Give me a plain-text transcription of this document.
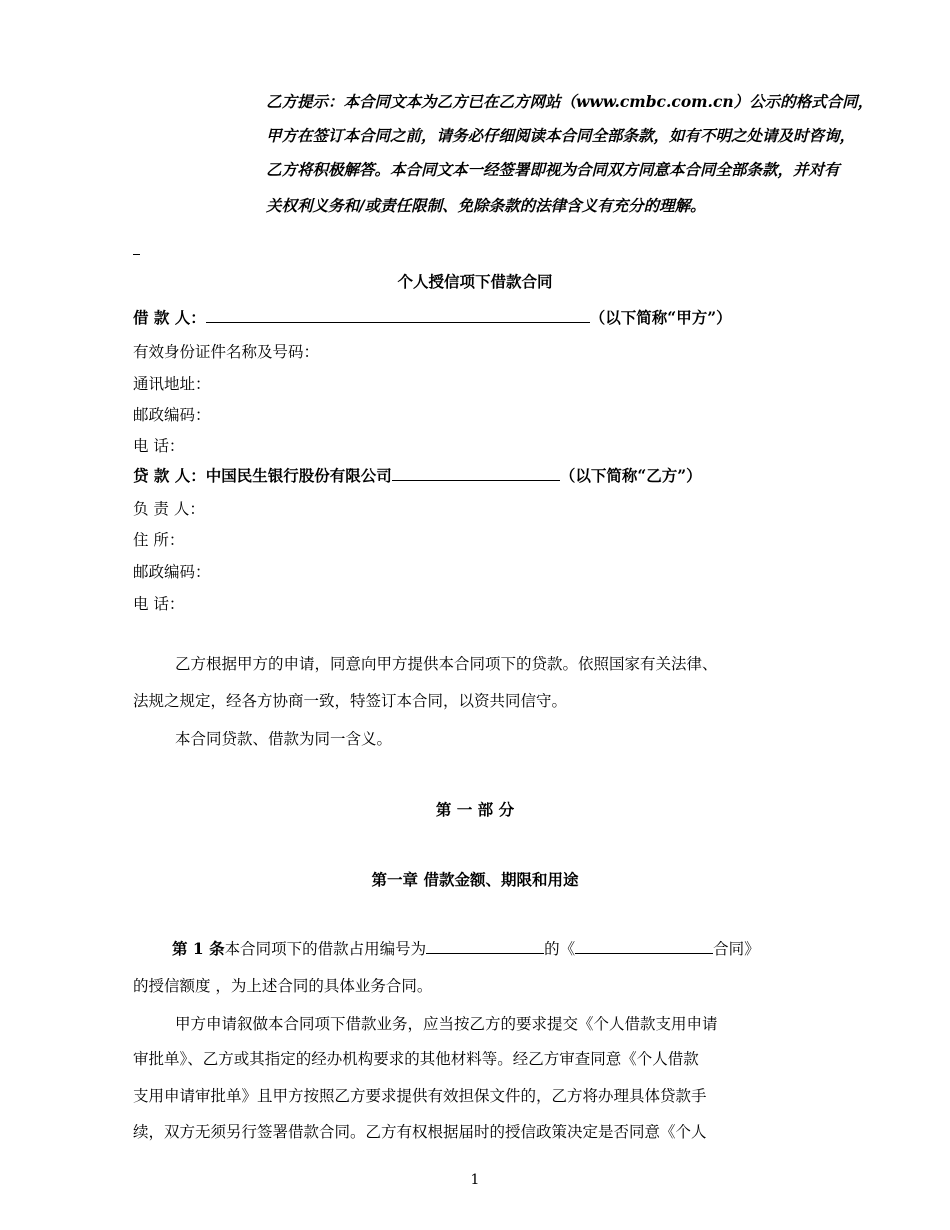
乙方提示：本合同文本为乙方已在乙方网站（www.cmbc.com.cn）公示的格式合同，
甲方在签订本合同之前，请务必仔细阅读本合同全部条款，如有不明之处请及时咨询，
乙方将积极解答。本合同文本一经签署即视为合同双方同意本合同全部条款，并对有
关权利义务和/或责任限制、免除条款的法律含义有充分的理解。
个人授信项下借款合同
借 款 人：	（以下简称“甲方”）
有效身份证件名称及号码：
通讯地址：
邮政编码：
电 话：
贷 款 人：中国民生银行股份有限公司	（以下简称“乙方”）
负 责 人：
住 所：
邮政编码：
电 话：
乙方根据甲方的申请，同意向甲方提供本合同项下的贷款。依照国家有关法律、
法规之规定，经各方协商一致，特签订本合同，以资共同信守。
本合同贷款、借款为同一含义。
第 一 部 分
第一章 借款金额、期限和用途
第 1 条本合同项下的借款占用编号为	的《	合同》
的授信额度 ，为上述合同的具体业务合同。
甲方申请叙做本合同项下借款业务，应当按乙方的要求提交《个人借款支用申请
审批单》、乙方或其指定的经办机构要求的其他材料等。经乙方审查同意《个人借款
支用申请审批单》且甲方按照乙方要求提供有效担保文件的，乙方将办理具体贷款手
续，双方无须另行签署借款合同。乙方有权根据届时的授信政策决定是否同意《个人
1
